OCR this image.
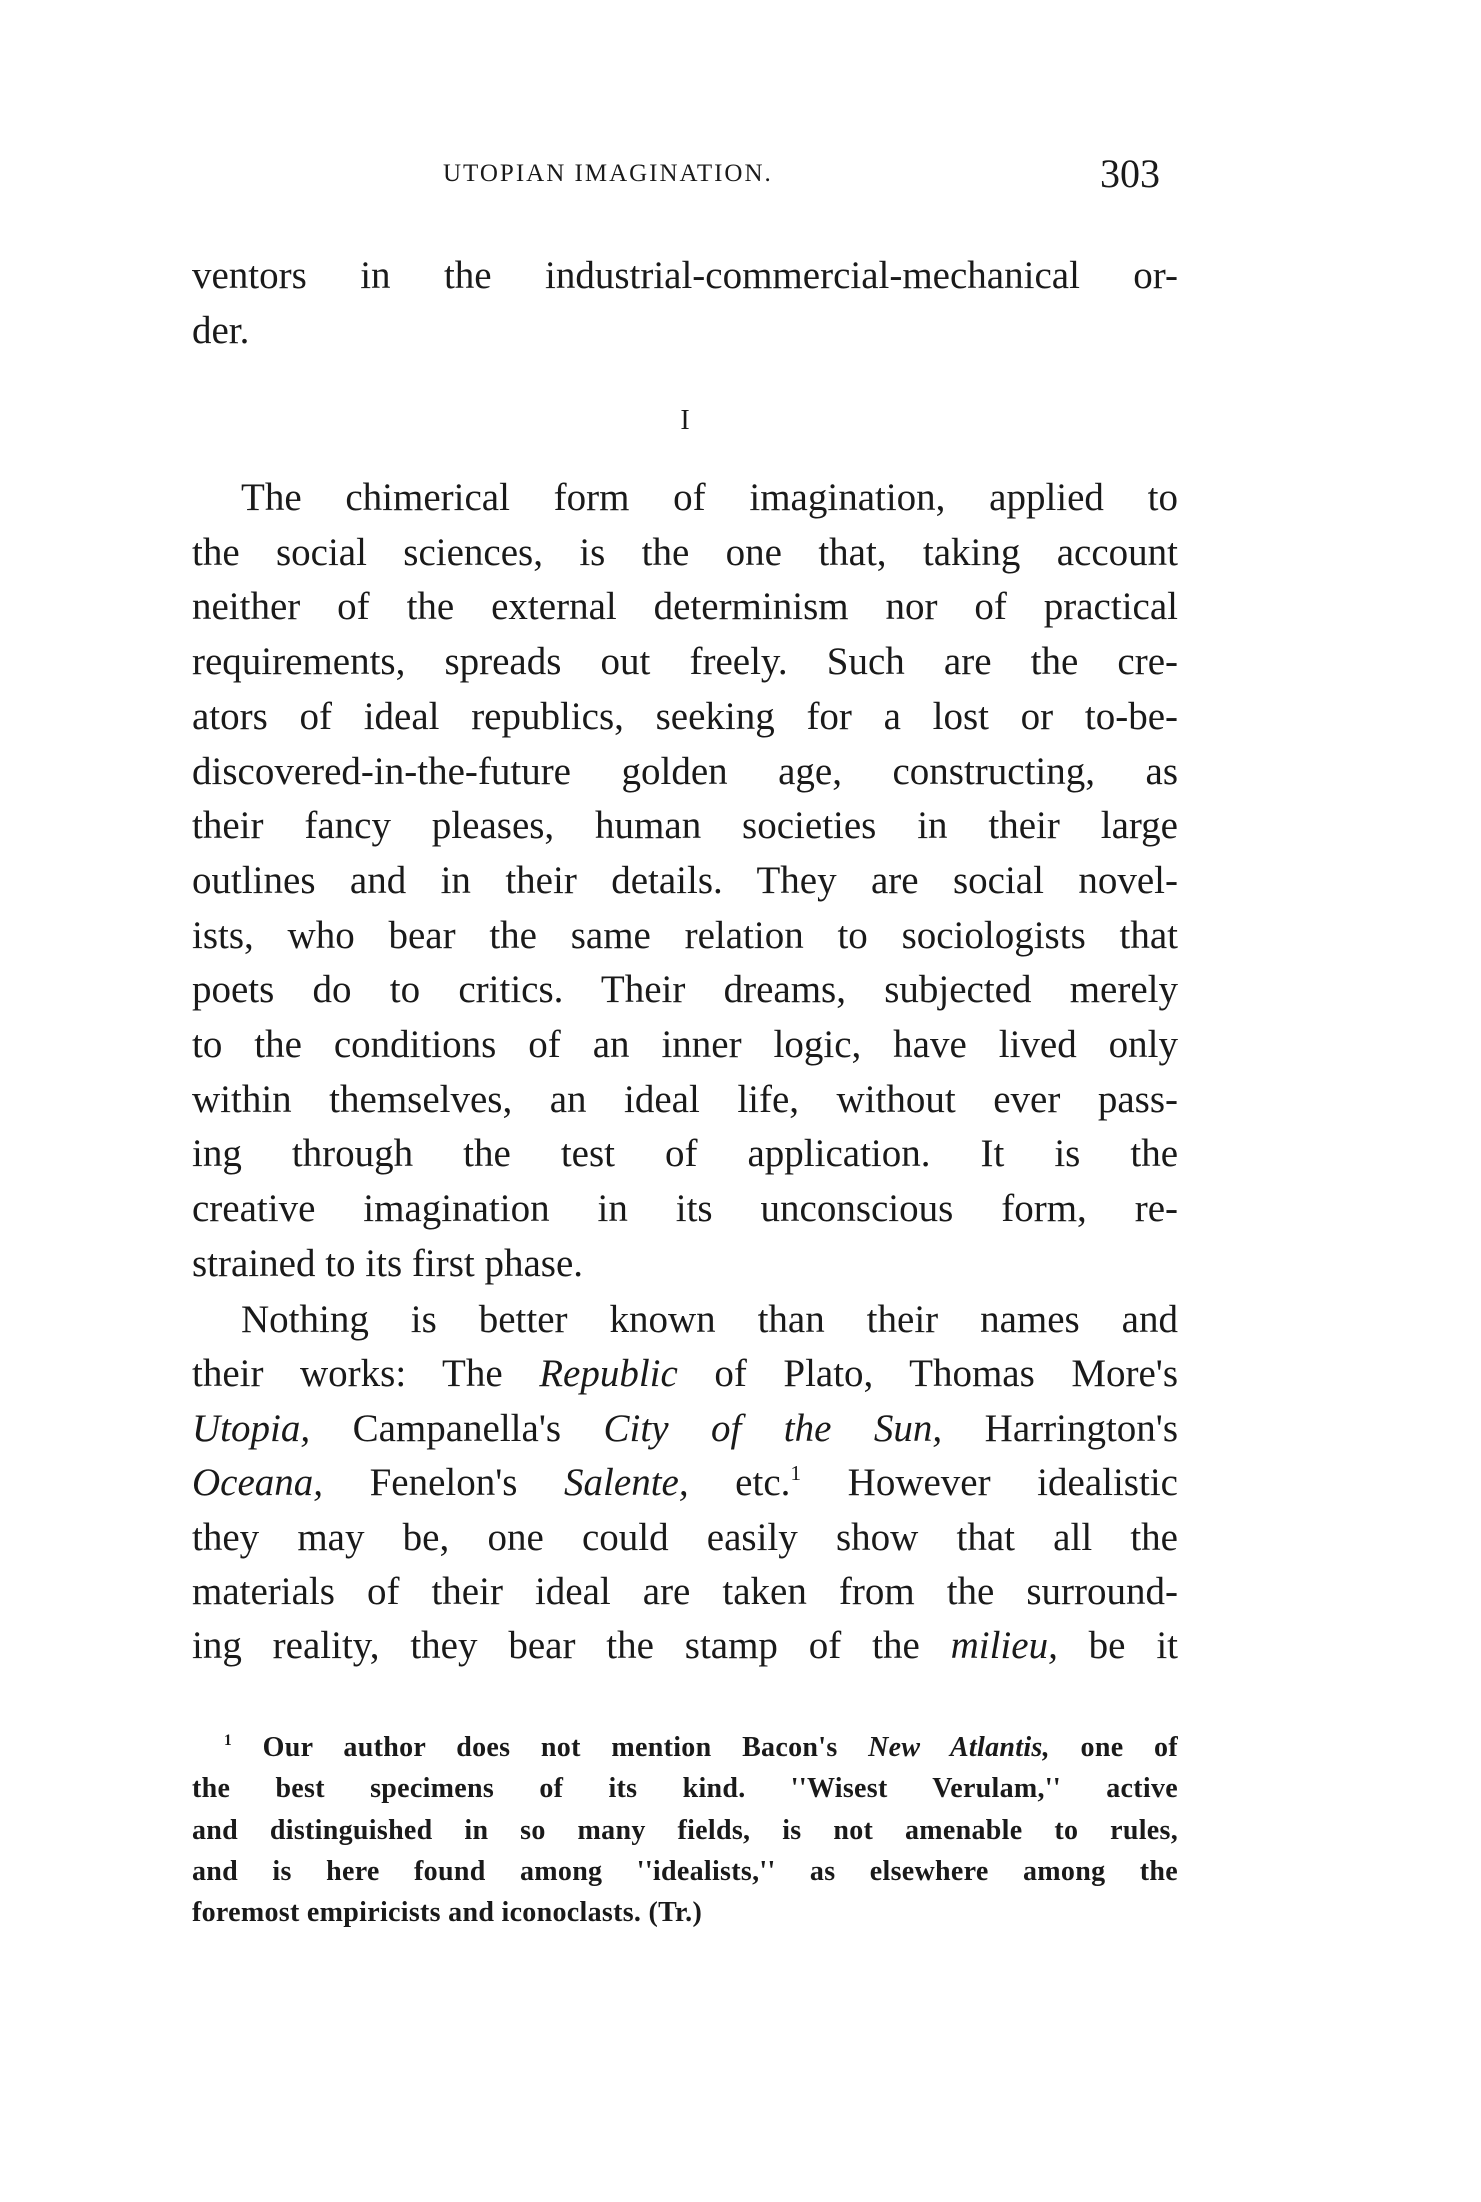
UTOPIAN IMAGINATION.	303
I
ventors in the industrial-commercial-mechanical or-
der.
The chimerical form of imagination, applied to
the social sciences, is the one that, taking account
neither of the external determinism nor of practical
requirements, spreads out freely. Such are the cre-
ators of ideal republics, seeking for a lost or to-be-
discovered-in-the-future golden age, constructing, as
their fancy pleases, human societies in their large
outlines and in their details. They are social novel-
ists, who bear the same relation to sociologists that
poets do to critics. Their dreams, subjected merely
to the conditions of an inner logic, have lived only
within themselves, an ideal life, without ever pass-
ing through the test of application. It is the
creative imagination in its unconscious form, re-
strained to its first phase.
Nothing is better known than their names and
their works: The Republic of Plato, Thomas More's
Utopia, Campanella's City of the Sun, Harrington's
Oceana, Fenelon's Salente, etc.$^1$ However idealistic
they may be, one could easily show that all the
materials of their ideal are taken from the surround-
ing reality, they bear the stamp of the milieu, be it
$^1$ Our author does not mention Bacon's New Atlantis, one of
the best specimens of its kind. ''Wisest Verulam,'' active
and distinguished in so many fields, is not amenable to rules,
and is here found among ''idealists,'' as elsewhere among the
foremost empiricists and iconoclasts. (Tr.)
